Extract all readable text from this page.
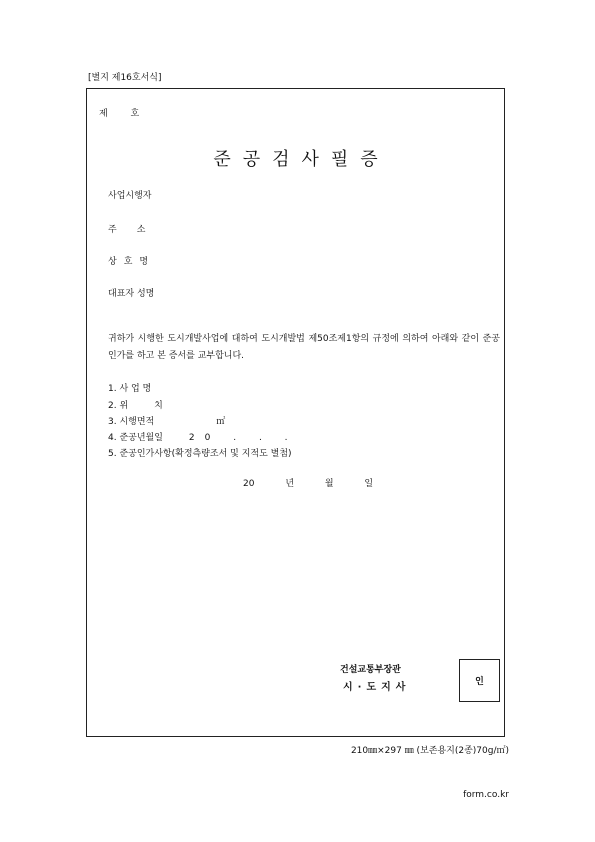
[별지 제16호서식]
제 호
준공검사필증
사업시행자
주소
상호명
대표자 성명
귀하가 시행한 도시개발사업에 대하여 도시개발법 제50조제1항의 규정에 의하여 아래와 같이 준공인가를 하고 본 증서를 교부합니다.
1. 사 업 명
2. 위	치
3. 시행면적	㎡
4. 준공년월일	20 . . .
5. 준공인가사항(확정측량조서 및 지적도 별첨)
20 년 월 일
건설교통부장관
시·도지사	인
210㎜×297 ㎜ (보존용지(2종)70g/㎡)
form.co.kr
